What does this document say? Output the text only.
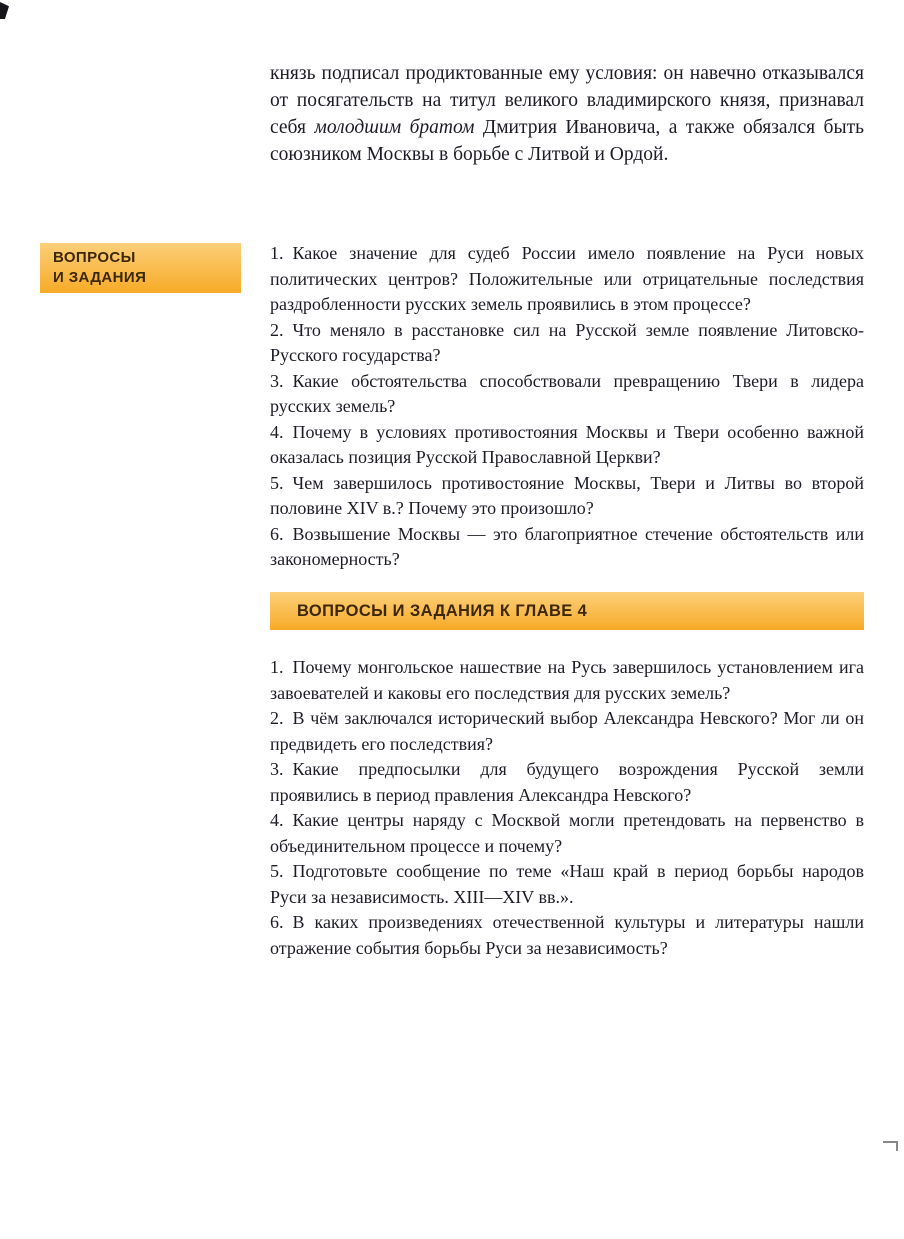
князь подписал продиктованные ему условия: он навечно отказывался от посягательств на титул великого владимирского князя, признавал себя молодшим братом Дмитрия Ивановича, а также обязался быть союзником Москвы в борьбе с Литвой и Ордой.

ВОПРОСЫ
И ЗАДАНИЯ

1. Какое значение для судеб России имело появление на Руси новых политических центров? Положительные или отрицательные последствия раздробленности русских земель проявились в этом процессе?

2. Что меняло в расстановке сил на Русской земле появление Литовско-Русского государства?

3. Какие обстоятельства способствовали превращению Твери в лидера русских земель?

4. Почему в условиях противостояния Москвы и Твери особенно важной оказалась позиция Русской Православной Церкви?

5. Чем завершилось противостояние Москвы, Твери и Литвы во второй половине XIV в.? Почему это произошло?

6. Возвышение Москвы — это благоприятное стечение обстоятельств или закономерность?

ВОПРОСЫ И ЗАДАНИЯ К ГЛАВЕ 4

1. Почему монгольское нашествие на Русь завершилось установлением ига завоевателей и каковы его последствия для русских земель?

2. В чём заключался исторический выбор Александра Невского? Мог ли он предвидеть его последствия?

3. Какие предпосылки для будущего возрождения Русской земли проявились в период правления Александра Невского?

4. Какие центры наряду с Москвой могли претендовать на первенство в объединительном процессе и почему?

5. Подготовьте сообщение по теме «Наш край в период борьбы народов Руси за независимость. XIII—XIV вв.».

6. В каких произведениях отечественной культуры и литературы нашли отражение события борьбы Руси за независимость?
